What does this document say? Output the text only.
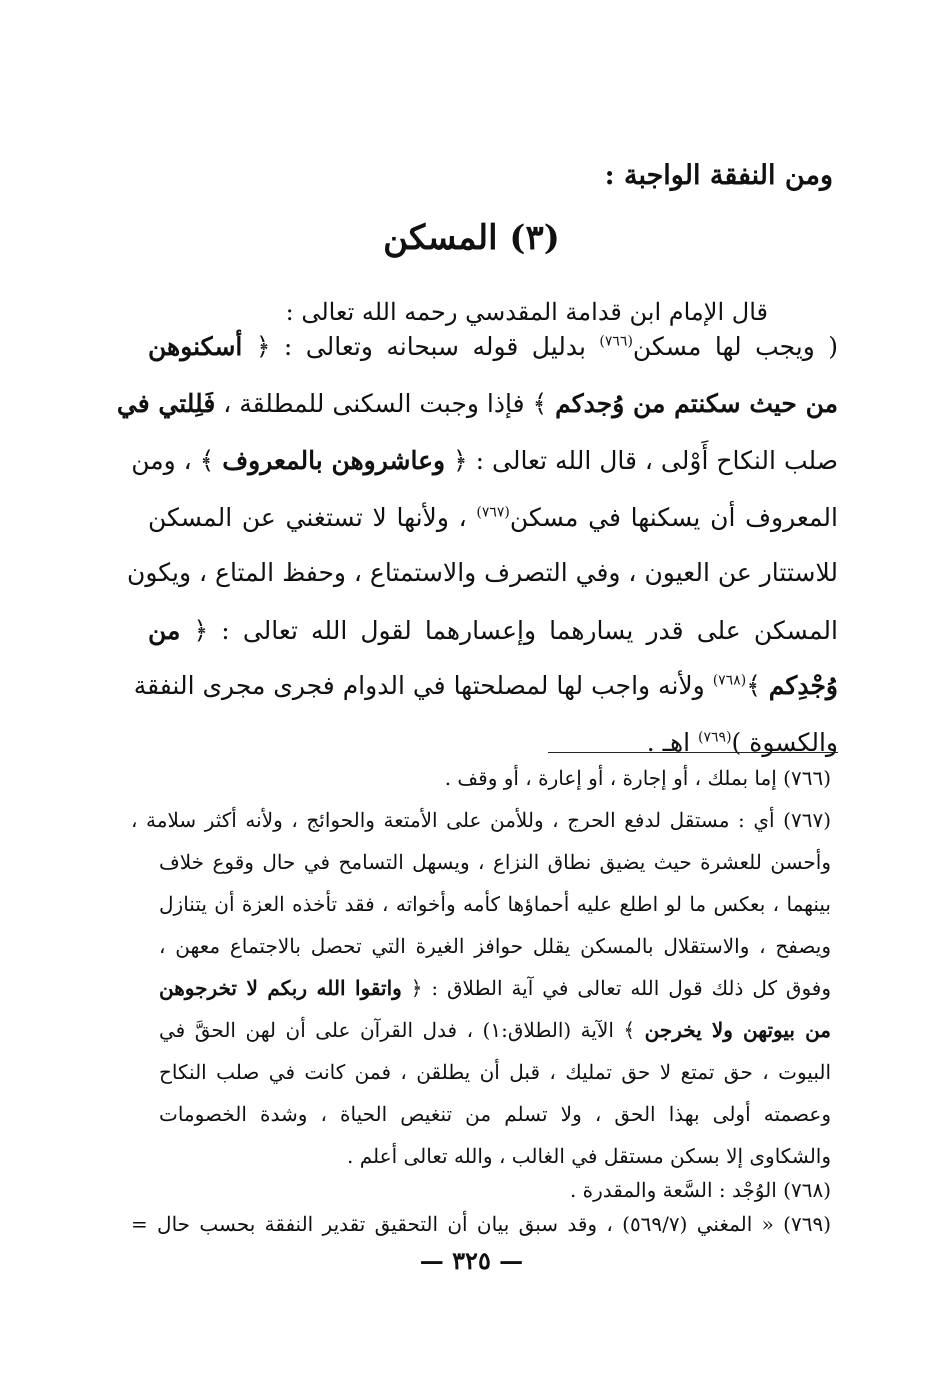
ومن النفقة الواجبة :
(٣) المسكن
قال الإمام ابن قدامة المقدسي رحمه الله تعالى :
( ويجب لها مسكن$^{(٧٦٦)}$ بدليل قوله سبحانه وتعالى : ﴿ أسكنوهن
من حيث سكنتم من وُجدكم ﴾ فإذا وجبت السكنى للمطلقة ، فَلِلتي في
صلب النكاح أَوْلى ، قال الله تعالى : ﴿ وعاشروهن بالمعروف ﴾ ، ومن
المعروف أن يسكنها في مسكن$^{(٧٦٧)}$ ، ولأنها لا تستغني عن المسكن
للاستتار عن العيون ، وفي التصرف والاستمتاع ، وحفظ المتاع ، ويكون
المسكن على قدر يسارهما وإعسارهما لقول الله تعالى : ﴿ من
وُجْدِكم ﴾$^{(٧٦٨)}$ ولأنه واجب لها لمصلحتها في الدوام فجرى مجرى النفقة
والكسوة )$^{(٧٦٩)}$ اهـ .
(٧٦٦) إما بملك ، أو إجارة ، أو إعارة ، أو وقف .
(٧٦٧) أي : مستقل لدفع الحرج ، وللأمن على الأمتعة والحوائج ، ولأنه أكثر سلامة ،
وأحسن للعشرة حيث يضيق نطاق النزاع ، ويسهل التسامح في حال وقوع خلاف
بينهما ، بعكس ما لو اطلع عليه أحماؤها كأمه وأخواته ، فقد تأخذه العزة أن يتنازل
ويصفح ، والاستقلال بالمسكن يقلل حوافز الغيرة التي تحصل بالاجتماع معهن ،
وفوق كل ذلك قول الله تعالى في آية الطلاق : ﴿ واتقوا الله ربكم لا تخرجوهن
من بيوتهن ولا يخرجن ﴾ الآية (الطلاق:١) ، فدل القرآن على أن لهن الحقَّ في
البيوت ، حق تمتع لا حق تمليك ، قبل أن يطلقن ، فمن كانت في صلب النكاح
وعصمته أولى بهذا الحق ، ولا تسلم من تنغيص الحياة ، وشدة الخصومات
والشكاوى إلا بسكن مستقل في الغالب ، والله تعالى أعلم .
(٧٦٨) الوُجْد : السَّعة والمقدرة .
(٧٦٩) « المغني (٥٦٩/٧) ، وقد سبق بيان أن التحقيق تقدير النفقة بحسب حال =
— ٣٢٥ —
